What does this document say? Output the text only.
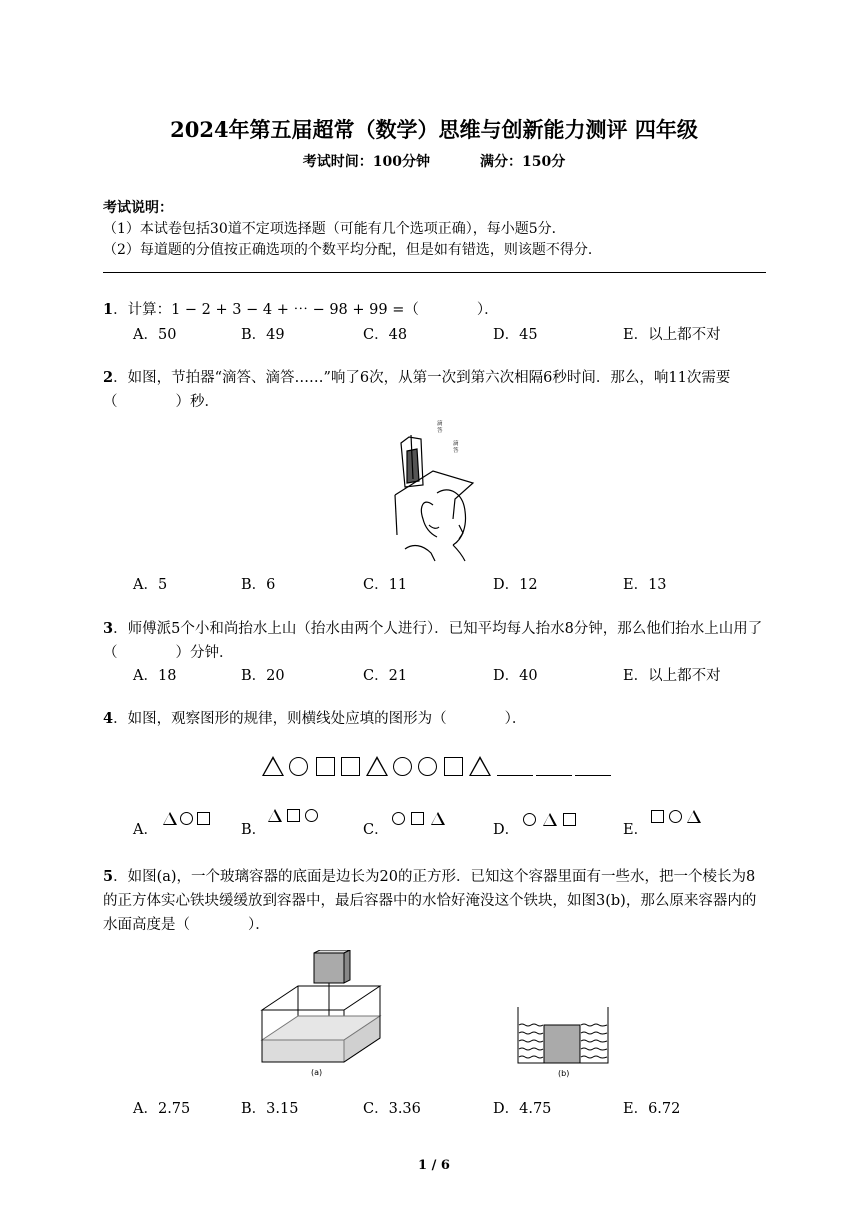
2024年第五届超常（数学）思维与创新能力测评 四年级
考试时间：100分钟	满分：150分
考试说明：
（1）本试卷包括30道不定项选择题（可能有几个选项正确），每小题5分．
（2）每道题的分值按正确选项的个数平均分配，但是如有错选，则该题不得分．
1．计算：1 − 2 + 3 − 4 + ⋯ − 98 + 99 =（　　　　）．
A．50	B．49	C．48	D．45	E．以上都不对
2．如图，节拍器“滴答、滴答……”响了6次，从第一次到第六次相隔6秒时间．那么，响11次需要（　　　　）秒．
滴
答
滴
答
A．5	B．6	C．11	D．12	E．13
3．师傅派5个小和尚抬水上山（抬水由两个人进行）．已知平均每人抬水8分钟，那么他们抬水上山用了（　　　　）分钟．
A．18	B．20	C．21	D．40	E．以上都不对
4．如图，观察图形的规律，则横线处应填的图形为（　　　　）．
A．	B．	C．	D．	E．
5．如图(a)，一个玻璃容器的底面是边长为20的正方形．已知这个容器里面有一些水，把一个棱长为8的正方体实心铁块缓缓放到容器中，最后容器中的水恰好淹没这个铁块，如图3(b)，那么原来容器内的水面高度是（　　　　）．
(a)	(b)
A．2.75	B．3.15	C．3.36	D．4.75	E．6.72
1 / 6
